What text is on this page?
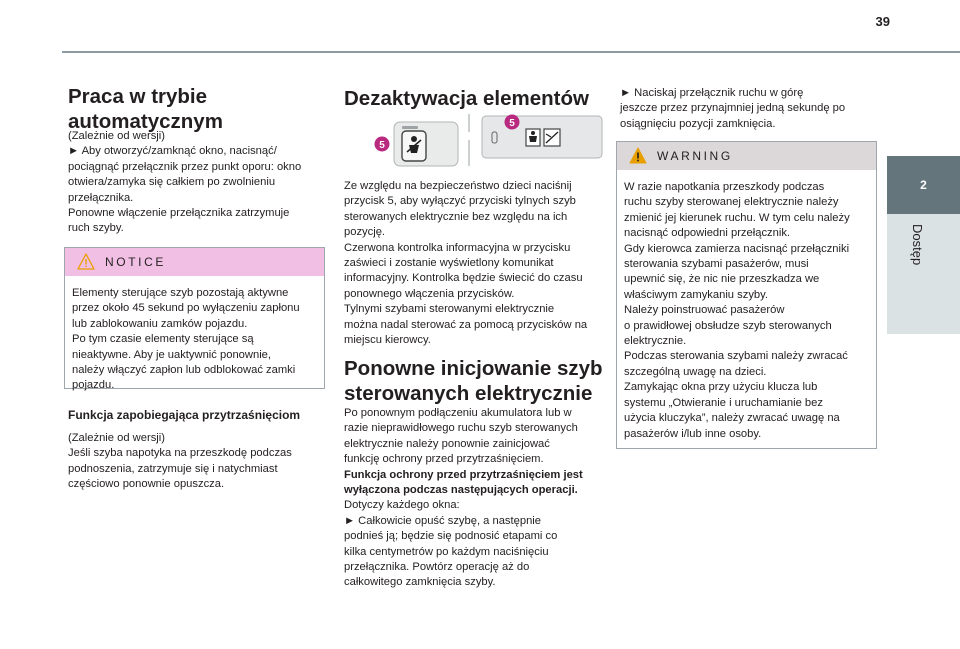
39
2
Dostęp
Praca w trybie automatycznym

(Zależnie od wersji)

► Aby otworzyć/zamknąć okno, nacisnąć/

pociągnąć przełącznik przez punkt oporu: okno

otwiera/zamyka się całkiem po zwolnieniu

przełącznika.

Ponowne włączenie przełącznika zatrzymuje

ruch szyby.

NOTICE

Elementy sterujące szyb pozostają aktywne

przez około 45 sekund po wyłączeniu zapłonu

lub zablokowaniu zamków pojazdu.

Po tym czasie elementy sterujące są

nieaktywne. Aby je uaktywnić ponownie,

należy włączyć zapłon lub odblokować zamki

pojazdu.

Funkcja zapobiegająca przytrzaśnięciom

(Zależnie od wersji)

Jeśli szyba napotyka na przeszkodę podczas

podnoszenia, zatrzymuje się i natychmiast

częściowo ponownie opuszcza.

Dezaktywacja elementów
5
5

Ze względu na bezpieczeństwo dzieci naciśnij

przycisk 5, aby wyłączyć przyciski tylnych szyb

sterowanych elektrycznie bez względu na ich

pozycję.

Czerwona kontrolka informacyjna w przycisku

zaświeci i zostanie wyświetlony komunikat

informacyjny. Kontrolka będzie świecić do czasu

ponownego włączenia przycisków.

Tylnymi szybami sterowanymi elektrycznie

można nadal sterować za pomocą przycisków na

miejscu kierowcy.

Ponowne inicjowanie szyb
sterowanych elektrycznie

Po ponownym podłączeniu akumulatora lub w

razie nieprawidłowego ruchu szyb sterowanych

elektrycznie należy ponownie zainicjować

funkcję ochrony przed przytrzaśnięciem.

Funkcja ochrony przed przytrzaśnięciem jest

wyłączona podczas następujących operacji.

Dotyczy każdego okna:

► Całkowicie opuść szybę, a następnie

podnieś ją; będzie się podnosić etapami co

kilka centymetrów po każdym naciśnięciu

przełącznika. Powtórz operację aż do

całkowitego zamknięcia szyby.

► Naciskaj przełącznik ruchu w górę

jeszcze przez przynajmniej jedną sekundę po

osiągnięciu pozycji zamknięcia.

WARNING

W razie napotkania przeszkody podczas

ruchu szyby sterowanej elektrycznie należy

zmienić jej kierunek ruchu. W tym celu należy

nacisnąć odpowiedni przełącznik.

Gdy kierowca zamierza nacisnąć przełączniki

sterowania szybami pasażerów, musi

upewnić się, że nic nie przeszkadza we

właściwym zamykaniu szyby.

Należy poinstruować pasażerów

o prawidłowej obsłudze szyb sterowanych

elektrycznie.

Podczas sterowania szybami należy zwracać

szczególną uwagę na dzieci.

Zamykając okna przy użyciu klucza lub

systemu „Otwieranie i uruchamianie bez

użycia kluczyka”, należy zwracać uwagę na

pasażerów i/lub inne osoby.
